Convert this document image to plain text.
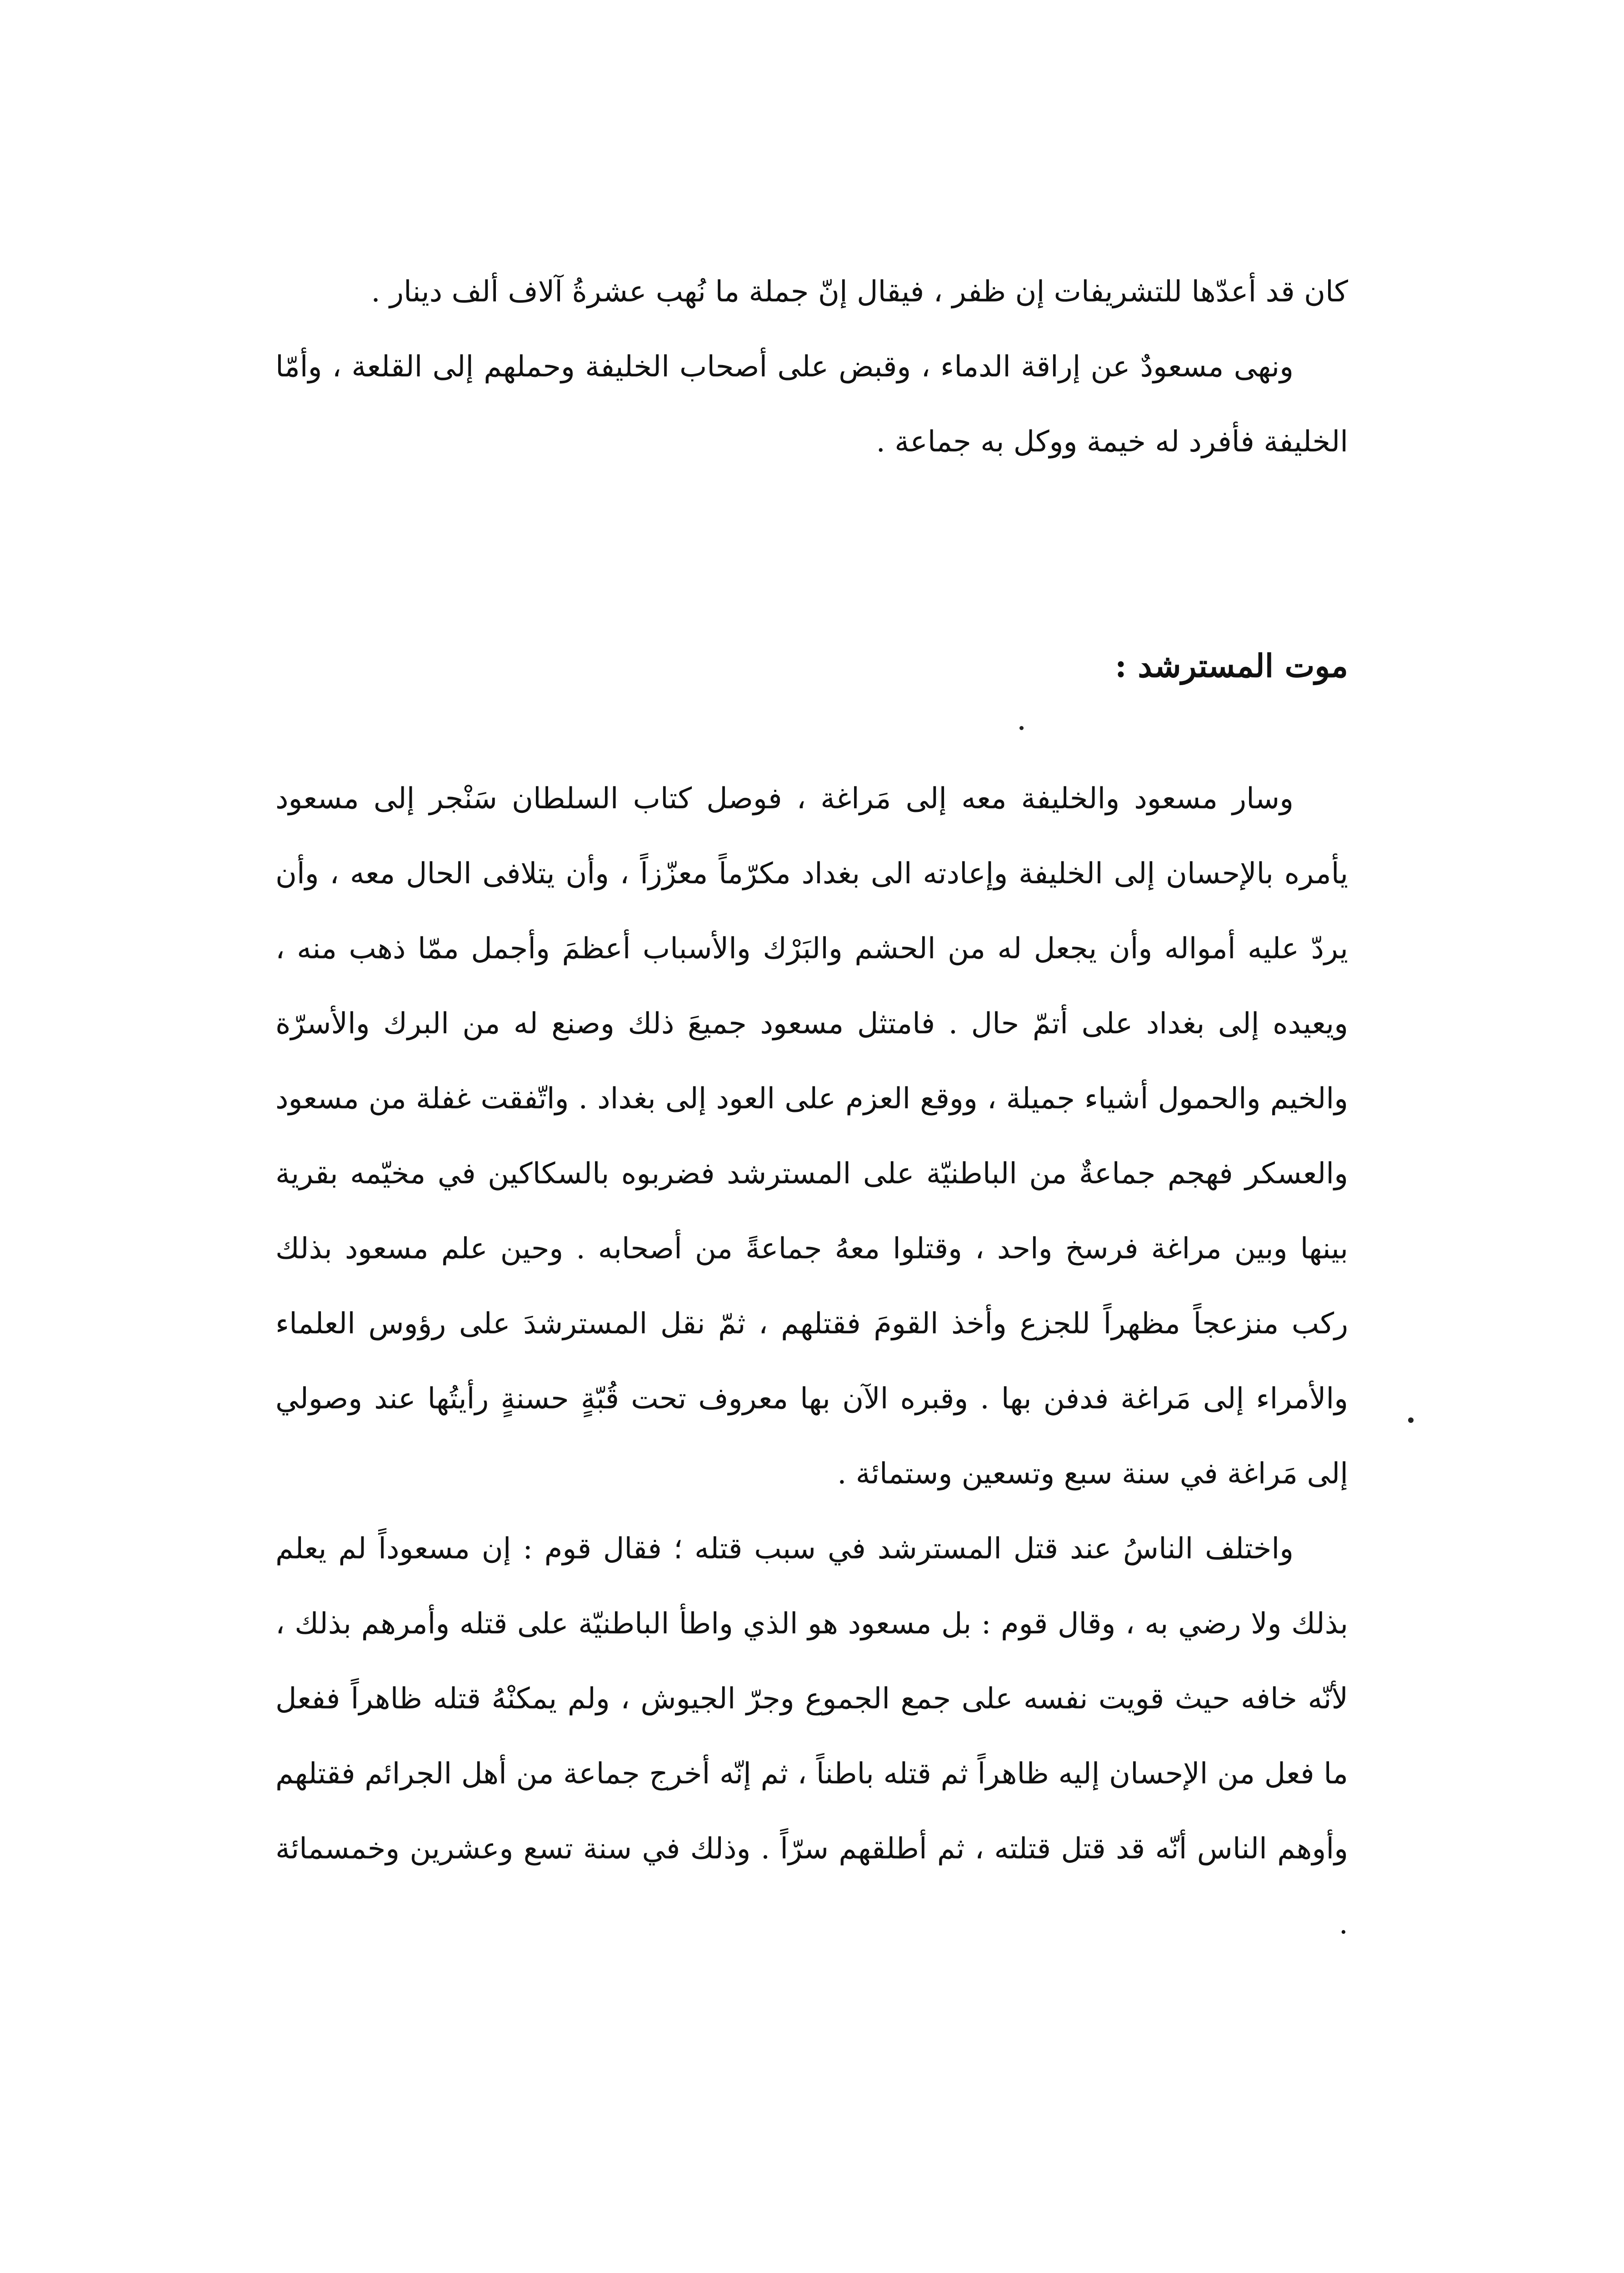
كان قد أعدّها للتشريفات إن ظفر ، فيقال إنّ جملة ما نُهب عشرةُ آلاف ألف دينار .

ونهى مسعودٌ عن إراقة الدماء ، وقبض على أصحاب الخليفة وحملهم إلى القلعة ، وأمّا الخليفة فأفرد له خيمة ووكل به جماعة .

موت المسترشد :

وسار مسعود والخليفة معه إلى مَراغة ، فوصل كتاب السلطان سَنْجر إلى مسعود يأمره بالإحسان إلى الخليفة وإعادته الى بغداد مكرّماً معزّزاً ، وأن يتلافى الحال معه ، وأن يردّ عليه أمواله وأن يجعل له من الحشم والبَرْك والأسباب أعظمَ وأجمل ممّا ذهب منه ، ويعيده إلى بغداد على أتمّ حال . فامتثل مسعود جميعَ ذلك وصنع له من البرك والأسرّة والخيم والحمول أشياء جميلة ، ووقع العزم على العود إلى بغداد . واتّفقت غفلة من مسعود والعسكر فهجم جماعةٌ من الباطنيّة على المسترشد فضربوه بالسكاكين في مخيّمه بقرية بينها وبين مراغة فرسخ واحد ، وقتلوا معهُ جماعةً من أصحابه . وحين علم مسعود بذلك ركب منزعجاً مظهراً للجزع وأخذ القومَ فقتلهم ، ثمّ نقل المسترشدَ على رؤوس العلماء والأمراء إلى مَراغة فدفن بها . وقبره الآن بها معروف تحت قُبّةٍ حسنةٍ رأيتُها عند وصولي إلى مَراغة في سنة سبع وتسعين وستمائة .

واختلف الناسُ عند قتل المسترشد في سبب قتله ؛ فقال قوم : إن مسعوداً لم يعلم بذلك ولا رضي به ، وقال قوم : بل مسعود هو الذي واطأ الباطنيّة على قتله وأمرهم بذلك ، لأنّه خافه حيث قويت نفسه على جمع الجموع وجرّ الجيوش ، ولم يمكنْهُ قتله ظاهراً ففعل ما فعل من الإحسان إليه ظاهراً ثم قتله باطناً ، ثم إنّه أخرج جماعة من أهل الجرائم فقتلهم وأوهم الناس أنّه قد قتل قتلته ، ثم أطلقهم سرّاً . وذلك في سنة تسع وعشرين وخمسمائة .
